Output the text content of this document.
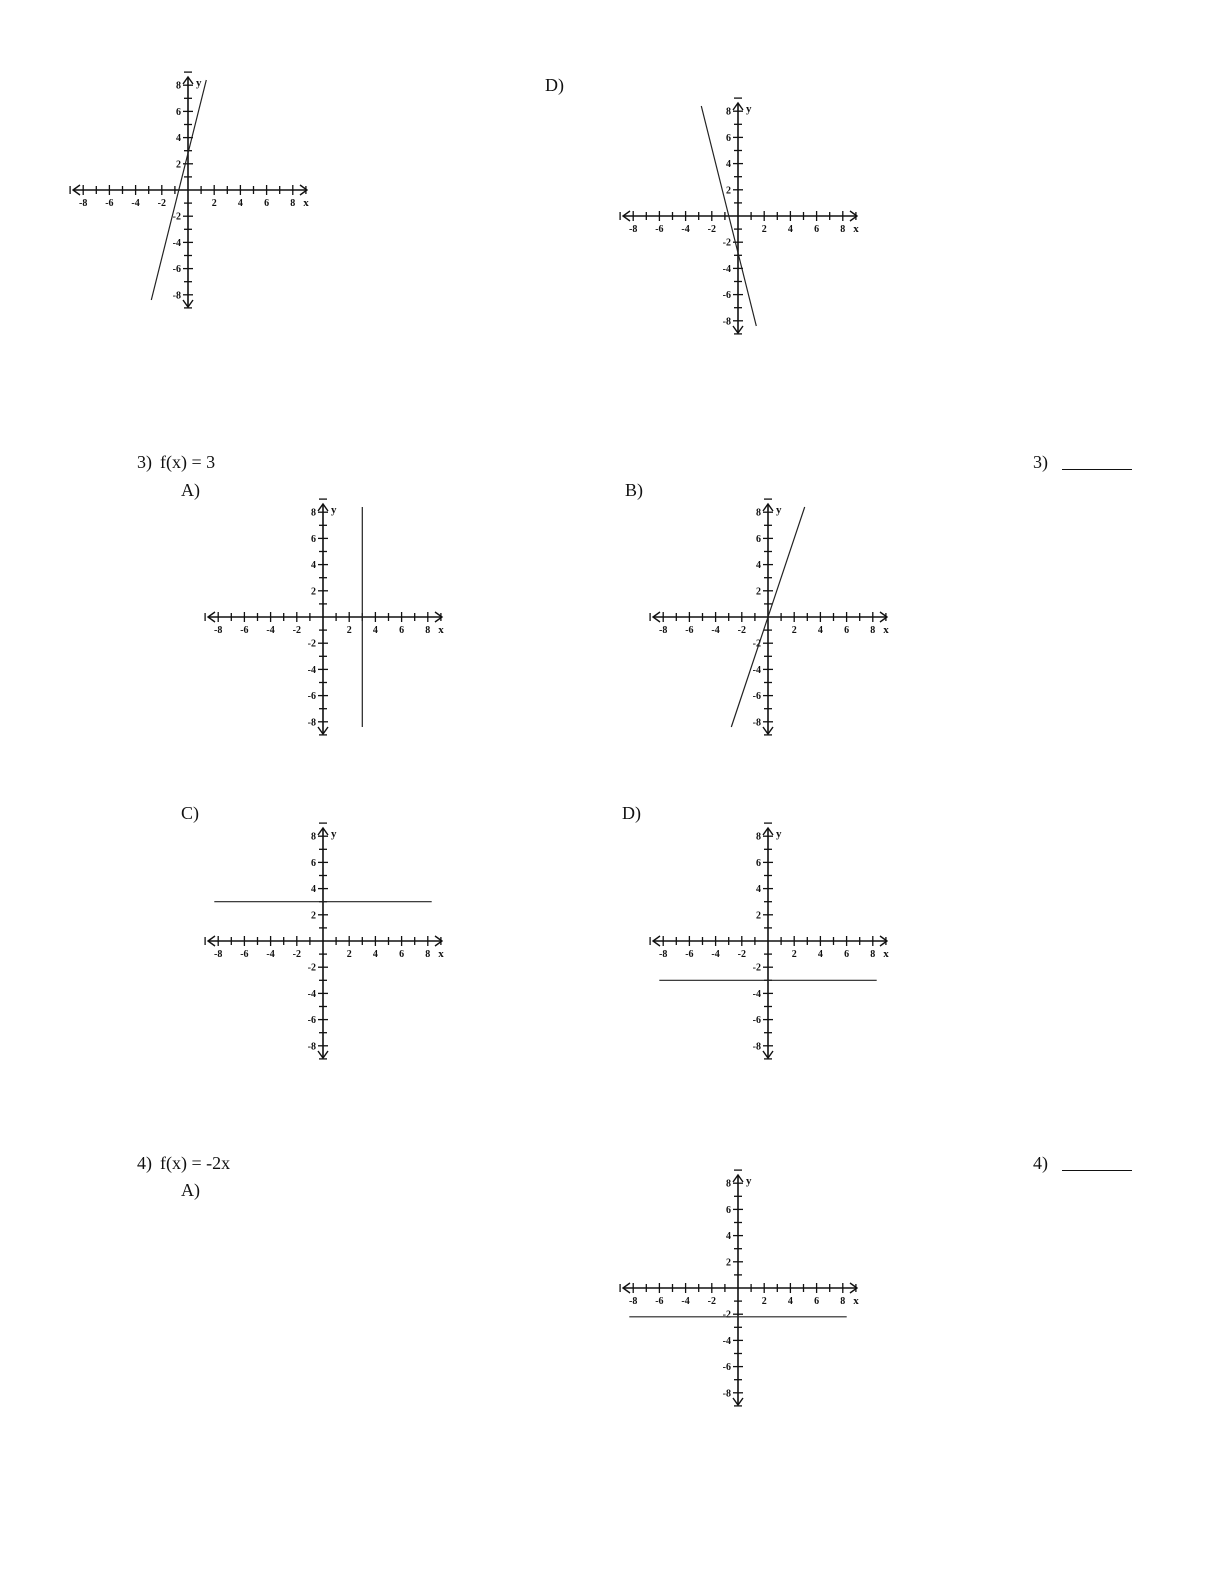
-8 -6 -4 -2	2 4 6 8
8
6
4
2
-2
-4
-6
-8
x
y	D)
-8 -6 -4 -2	2 4 6 8
8
6
4
2
-2
-4
-6
-8
x
y
3) f(x) = 3	3)
A)
-8 -6 -4 -2	2 4 6 8
8
6
4
2
-2
-4
-6
-8
x
y
B)
-8 -6 -4 -2	2 4 6 8
8
6
4
2
-2
-4
-6
-8
x
y
C)
-8 -6 -4 -2	2 4 6 8
8
6
4
2
-2
-4
-6
-8
x
y
D)
-8 -6 -4 -2	2 4 6 8
8
6
4
2
-2
-4
-6
-8
x
y
4) f(x) = -2x	4)
A)
-8 -6 -4 -2	2 4 6 8
8
6
4
2
-2
-4
-6
-8
x
y
